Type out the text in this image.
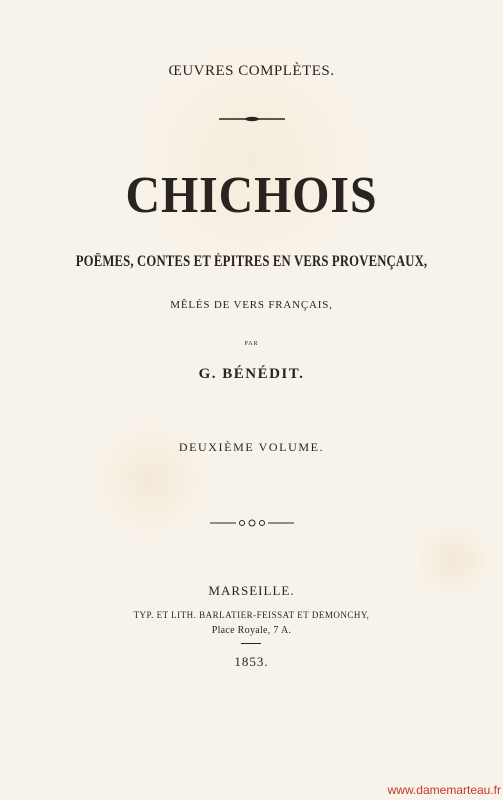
ŒUVRES COMPLÈTES.
CHICHOIS
POËMES, CONTES ET ÉPITRES EN VERS PROVENÇAUX,
MÊLÉS DE VERS FRANÇAIS,
PAR
G. BÉNÉDIT.
DEUXIÈME VOLUME.
MARSEILLE.
TYP. ET LITH. BARLATIER-FEISSAT ET DEMONCHY,
Place Royale, 7 A.
1853.
www.damemarteau.fr
